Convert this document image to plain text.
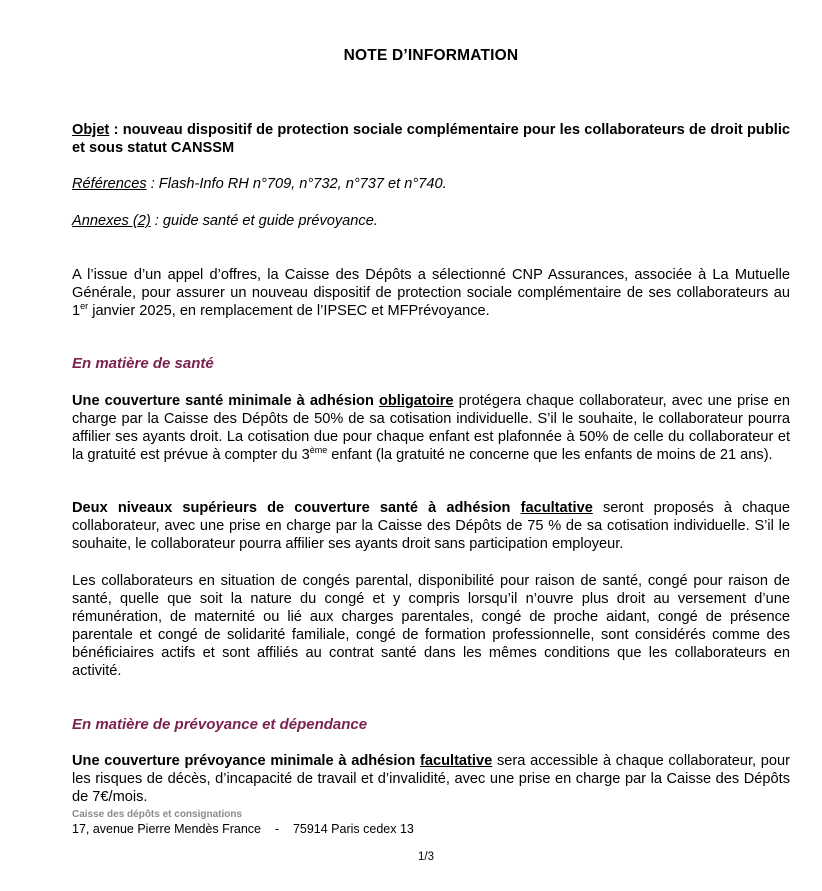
NOTE D’INFORMATION
Objet : nouveau dispositif de protection sociale complémentaire pour les collaborateurs de droit public et sous statut CANSSM
Références : Flash-Info RH n°709, n°732, n°737 et n°740.
Annexes (2) : guide santé et guide prévoyance.
A l’issue d’un appel d’offres, la Caisse des Dépôts a sélectionné CNP Assurances, associée à La Mutuelle Générale, pour assurer un nouveau dispositif de protection sociale complémentaire de ses collaborateurs au 1er janvier 2025, en remplacement de l’IPSEC et MFPrévoyance.
En matière de santé
Une couverture santé minimale à adhésion obligatoire protégera chaque collaborateur, avec une prise en charge par la Caisse des Dépôts de 50% de sa cotisation individuelle. S’il le souhaite, le collaborateur pourra affilier ses ayants droit. La cotisation due pour chaque enfant est plafonnée à 50% de celle du collaborateur et la gratuité est prévue à compter du 3ème enfant (la gratuité ne concerne que les enfants de moins de 21 ans).
Deux niveaux supérieurs de couverture santé à adhésion facultative seront proposés à chaque collaborateur, avec une prise en charge par la Caisse des Dépôts de 75 % de sa cotisation individuelle. S’il le souhaite, le collaborateur pourra affilier ses ayants droit sans participation employeur.
Les collaborateurs en situation de congés parental, disponibilité pour raison de santé, congé pour raison de santé, quelle que soit la nature du congé et y compris lorsqu’il n’ouvre plus droit au versement d’une rémunération, de maternité ou lié aux charges parentales, congé de proche aidant, congé de présence parentale et congé de solidarité familiale, congé de formation professionnelle, sont considérés comme des bénéficiaires actifs et sont affiliés au contrat santé dans les mêmes conditions que les collaborateurs en activité.
En matière de prévoyance et dépendance
Une couverture prévoyance minimale à adhésion facultative sera accessible à chaque collaborateur, pour les risques de décès, d’incapacité de travail et d’invalidité, avec une prise en charge par la Caisse des Dépôts de 7€/mois.
Caisse des dépôts et consignations
17, avenue Pierre Mendès France    -    75914 Paris cedex 13
1/3
